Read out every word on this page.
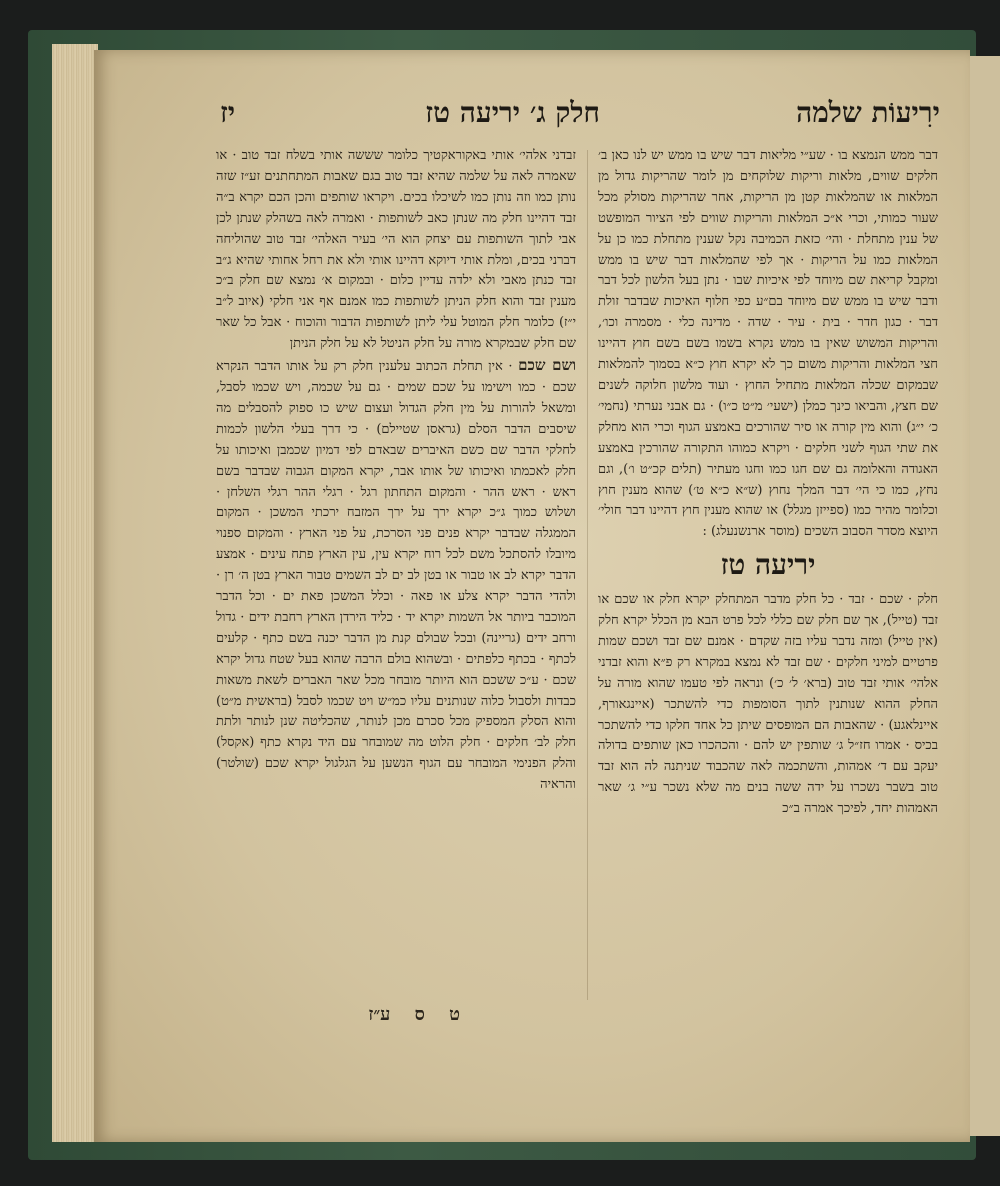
ירִיעוֹת שלמה
חלק ג׳ יריעה טז
יז

דבר ממש הנמצא בו · שע״י מליאות דבר שיש בו ממש יש לנו כאן ב׳ חלקים שווים, מלאות וריקות שלוקחים מן לומר שהריקות גדול מן המלאות או שהמלאות קטן מן הריקות, אחר שהריקות מסולק מכל שעור כמותי, וכרי א״כ המלאות והריקות שווים לפי הציור המופשט של ענין מתחלת · והי׳ כזאת הכמיבה נקל שענין מתחלת כמו כן על המלאות כמו על הריקות · אך לפי שהמלאות דבר שיש בו ממש ומקבל קריאת שם מיוחד לפי איכיות שבו · נתן בעל הלשון לכל דבר ודבר שיש בו ממש שם מיוחד בם״ע כפי חלוף האיכות שבדבר זולת דבר · כגון חדר · בית · עיר · שדה · מדינה כלי · מסמרה וכו׳, והריקות המשוש שאין בו ממש נקרא בשמו בשם בשם חוץ דהיינו חצי המלאות והריקות משום כך לא יקרא חוץ כ״א בסמוך להמלאות שבמקום שכלה המלאות מתחיל החוץ · ועוד מלשון חלוקה לשנים שם חצץ, והביאו כינך כמלן (ישעי׳ מ״ט כ״ו) · גם אבני נערתי (נחמי׳ כ׳ י״ג) והוא מין קורה או סיר שהורכים באמצע הגוף וכרי הוא מחלק את שתי הגוף לשני חלקים · ויקרא כמוהו התקורה שהורכין באמצע האגודה והאלומה גם שם חגו כמו וחגו מעתיר (תלים קכ״ט ו׳), וגם נחץ, כמו כי הי׳ דבר המלך נחוץ (ש״א כ״א ט׳) שהוא מענין חוץ וכלומר מהיר כמו (ספייזן מגלל) או שהוא מענין חוץ דהיינו דבר חולי׳ היוצא מסדר הסבוב השכים (מוסר ארנשנעלג) :

יריעה טז

חלק · שכם · זבד · כל חלק מדבר המתחלק יקרא חלק או שכם או זבד (טייל), אך שם חלק שם כללי לכל פרט הבא מן הכלל יקרא חלק (אין טייל) ומזה נדבר עליו בזה שקדם · אמנם שם זבד ושכם שמות פרטיים למיני חלקים · שם זבד לא נמצא במקרא רק פ״א והוא זבדני אלהי׳ אותי זבד טוב (ברא׳ ל׳ כ׳) ונראה לפי טעמו שהוא מורה על החלק ההוא שנותנין לתוך הסומפות כדי להשתכר (איינגאורף, איינלאגע) · שהאבות הם המופסים שיתן כל אחד חלקו כדי להשתכר בכיס · אמרו חז״ל ג׳ שותפין יש להם · והכהכרו כאן שותפים בדולה יעקב עם ד׳ אמהות, והשתכמה לאה שהכבוד שניתנה לה הוא זבד טוב בשבר נשכרו על ידה ששה בנים מה שלא נשכר ע״י ג׳ שאר האמהות יחד, לפיכך אמרה ב״כ

זבדני אלהי׳ אותי באקוראקטיך כלומר שששה אותי בשלח זבד טוב · או שאמרה לאה על שלמה שהיא זבד טוב בגם שאבות המתחתנים זע״ז שזה נותן כמו וזה נותן כמו לשיכלו בכים. ויקראו שותפים והכן הכם יקרא ב״ה זבד דהיינו חלק מה שנתן כאב לשותפות · ואמרה לאה בשהלק שנתן לכן אבי לתוך השותפות עם יצחק הוא הי׳ בעיר האלהי׳ זבד טוב שהוליחה דברני בכים, ומלת אותי דיוקא דהיינו אותי ולא את רחל אחותי שהיא ג״ב זבד כנתן מאבי ולא ילדה עדיין כלום · ובמקום א׳ נמצא שם חלק ב״כ מענין זבד והוא חלק הניתן לשותפות כמו אמנם אף אני חלקי (איוב ל״ב י״ז) כלומר חלק המוטל עלי ליתן לשותפות הדבור והוכוח · אבל כל שאר שם חלק שבמקרא מורה על חלק הניטל לא על חלק הניתן

ושם שכם · אין תחלת הכתוב עלענין חלק רק על אותו הדבר הנקרא שכם · כמו וישימו על שכם שמים · גם על שכמה, ויש שכמו לסבל, ומשאל להורות על מין חלק הגדול ועצום שיש כו ספוק להסבלים מה שיסבים הדבר הסלם (גראסן שטיילם) · כי דרך בעלי הלשון לכמות לחלקי הדבר שם כשם האיברים שבאדם לפי דמיון שכמבן ואיכותו על חלק לאכמתו ואיכותו של אותו אבר, יקרא המקום הגבוה שבדבר בשם ראש · ראש ההר · והמקום התחתון רגל · רגלי ההר רגלי השלחן · ושלוש כמוך ג״כ יקרא ירך על ירך המזבח ירכתי המשכן · המקום הממגלה שבדבר יקרא פנים פני הסרכת, על פני הארץ · והמקום ספנוי מיובלו להסתכל משם לכל רוח יקרא עין, עין הארץ פתח עינים · אמצע הדבר יקרא לב או טבור או בטן לב ים לב השמים טבור הארץ בטן ה׳ רן · ולהדי הדבר יקרא צלע או פאה · וכלל המשכן פאת ים · וכל הדבר המוכבר ביותר אל השמות יקרא יד · כליד הירדן הארץ רחבת ידים · גדול ורחב ידים (גריינה) ובכל שבולם קנת מן הדבר יכנה בשם כתף · קלעים לכתף · בכתף כלפתים · ובשהוא בולם הרבה שהוא בעל שטח גדול יקרא שכם · ע״כ ששכם הוא היותר מובחר מכל שאר האברים לשאת משאות כבדות ולסבול כלוה שנותנים עליו כמ״ש ויט שכמו לסבל (בראשית מ״ט) והוא הסלק המספיק מכל סכרם מכן לנותר, שהכליטה שנן לנותר ולתת חלק לב׳ חלקים · חלק הלוט מה שמובחר עם היד נקרא כתף (אקסל) והלק הפנימי המובחר עם הגוף הנשען על הגלגול יקרא שכם (שולטר) והראיה

ט ס ע״ז
